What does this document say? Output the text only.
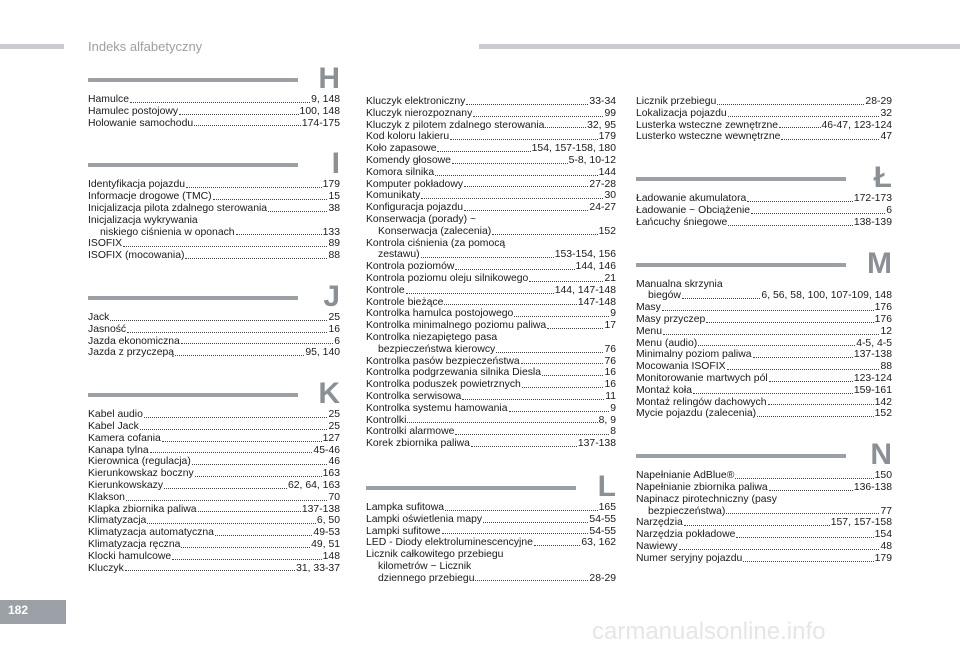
Indeks alfabetyczny
H
Hamulce	9, 148
Hamulec postojowy	100, 148
Holowanie samochodu	174-175
I
Identyfikacja pojazdu	179
Informacje drogowe (TMC)	15
Inicjalizacja pilota zdalnego sterowania	38
Inicjalizacja wykrywania
niskiego ciśnienia w oponach	133
ISOFIX	89
ISOFIX (mocowania)	88
J
Jack	25
Jasność	16
Jazda ekonomiczna	6
Jazda z przyczepą	95, 140
K
Kabel audio	25
Kabel Jack	25
Kamera cofania	127
Kanapa tylna	45-46
Kierownica (regulacja)	46
Kierunkowskaz boczny	163
Kierunkowskazy	62, 64, 163
Klakson	70
Klapka zbiornika paliwa	137-138
Klimatyzacja	6, 50
Klimatyzacja automatyczna	49-53
Klimatyzacja ręczna	49, 51
Klocki hamulcowe	148
Kluczyk	31, 33-37
Kluczyk elektroniczny	33-34
Kluczyk nierozpoznany	99
Kluczyk z pilotem zdalnego sterowania	32, 95
Kod koloru lakieru	179
Koło zapasowe	154, 157-158, 180
Komendy głosowe	5-8, 10-12
Komora silnika	144
Komputer pokładowy	27-28
Komunikaty	30
Konfiguracja pojazdu	24-27
Konserwacja (porady) ~
Konserwacja (zalecenia)	152
Kontrola ciśnienia (za pomocą
zestawu)	153-154, 156
Kontrola poziomów	144, 146
Kontrola poziomu oleju silnikowego	21
Kontrole	144, 147-148
Kontrole bieżące	147-148
Kontrolka hamulca postojowego	9
Kontrolka minimalnego poziomu paliwa	17
Kontrolka niezapiętego pasa
bezpieczeństwa kierowcy	76
Kontrolka pasów bezpieczeństwa	76
Kontrolka podgrzewania silnika Diesla	16
Kontrolka poduszek powietrznych	16
Kontrolka serwisowa	11
Kontrolka systemu hamowania	9
Kontrolki	8, 9
Kontrolki alarmowe	8
Korek zbiornika paliwa	137-138
L
Lampka sufitowa	165
Lampki oświetlenia mapy	54-55
Lampki sufitowe	54-55
LED - Diody elektroluminescencyjne	63, 162
Licznik całkowitego przebiegu
kilometrów ~ Licznik
dziennego przebiegu	28-29
Licznik przebiegu	28-29
Lokalizacja pojazdu	32
Lusterka wsteczne zewnętrzne	46-47, 123-124
Lusterko wsteczne wewnętrzne	47
Ł
Ładowanie akumulatora	172-173
Ładowanie ~ Obciążenie	6
Łańcuchy śniegowe	138-139
M
Manualna skrzynia
biegów	6, 56, 58, 100, 107-109, 148
Masy	176
Masy przyczep	176
Menu	12
Menu (audio)	4-5, 4-5
Minimalny poziom paliwa	137-138
Mocowania ISOFIX	88
Monitorowanie martwych pól	123-124
Montaż koła	159-161
Montaż relingów dachowych	142
Mycie pojazdu (zalecenia)	152
N
Napełnianie AdBlue®	150
Napełnianie zbiornika paliwa	136-138
Napinacz pirotechniczny (pasy
bezpieczeństwa)	77
Narzędzia	157, 157-158
Narzędzia pokładowe	154
Nawiewy	48
Numer seryjny pojazdu	179
182
carmanualsonline.info
